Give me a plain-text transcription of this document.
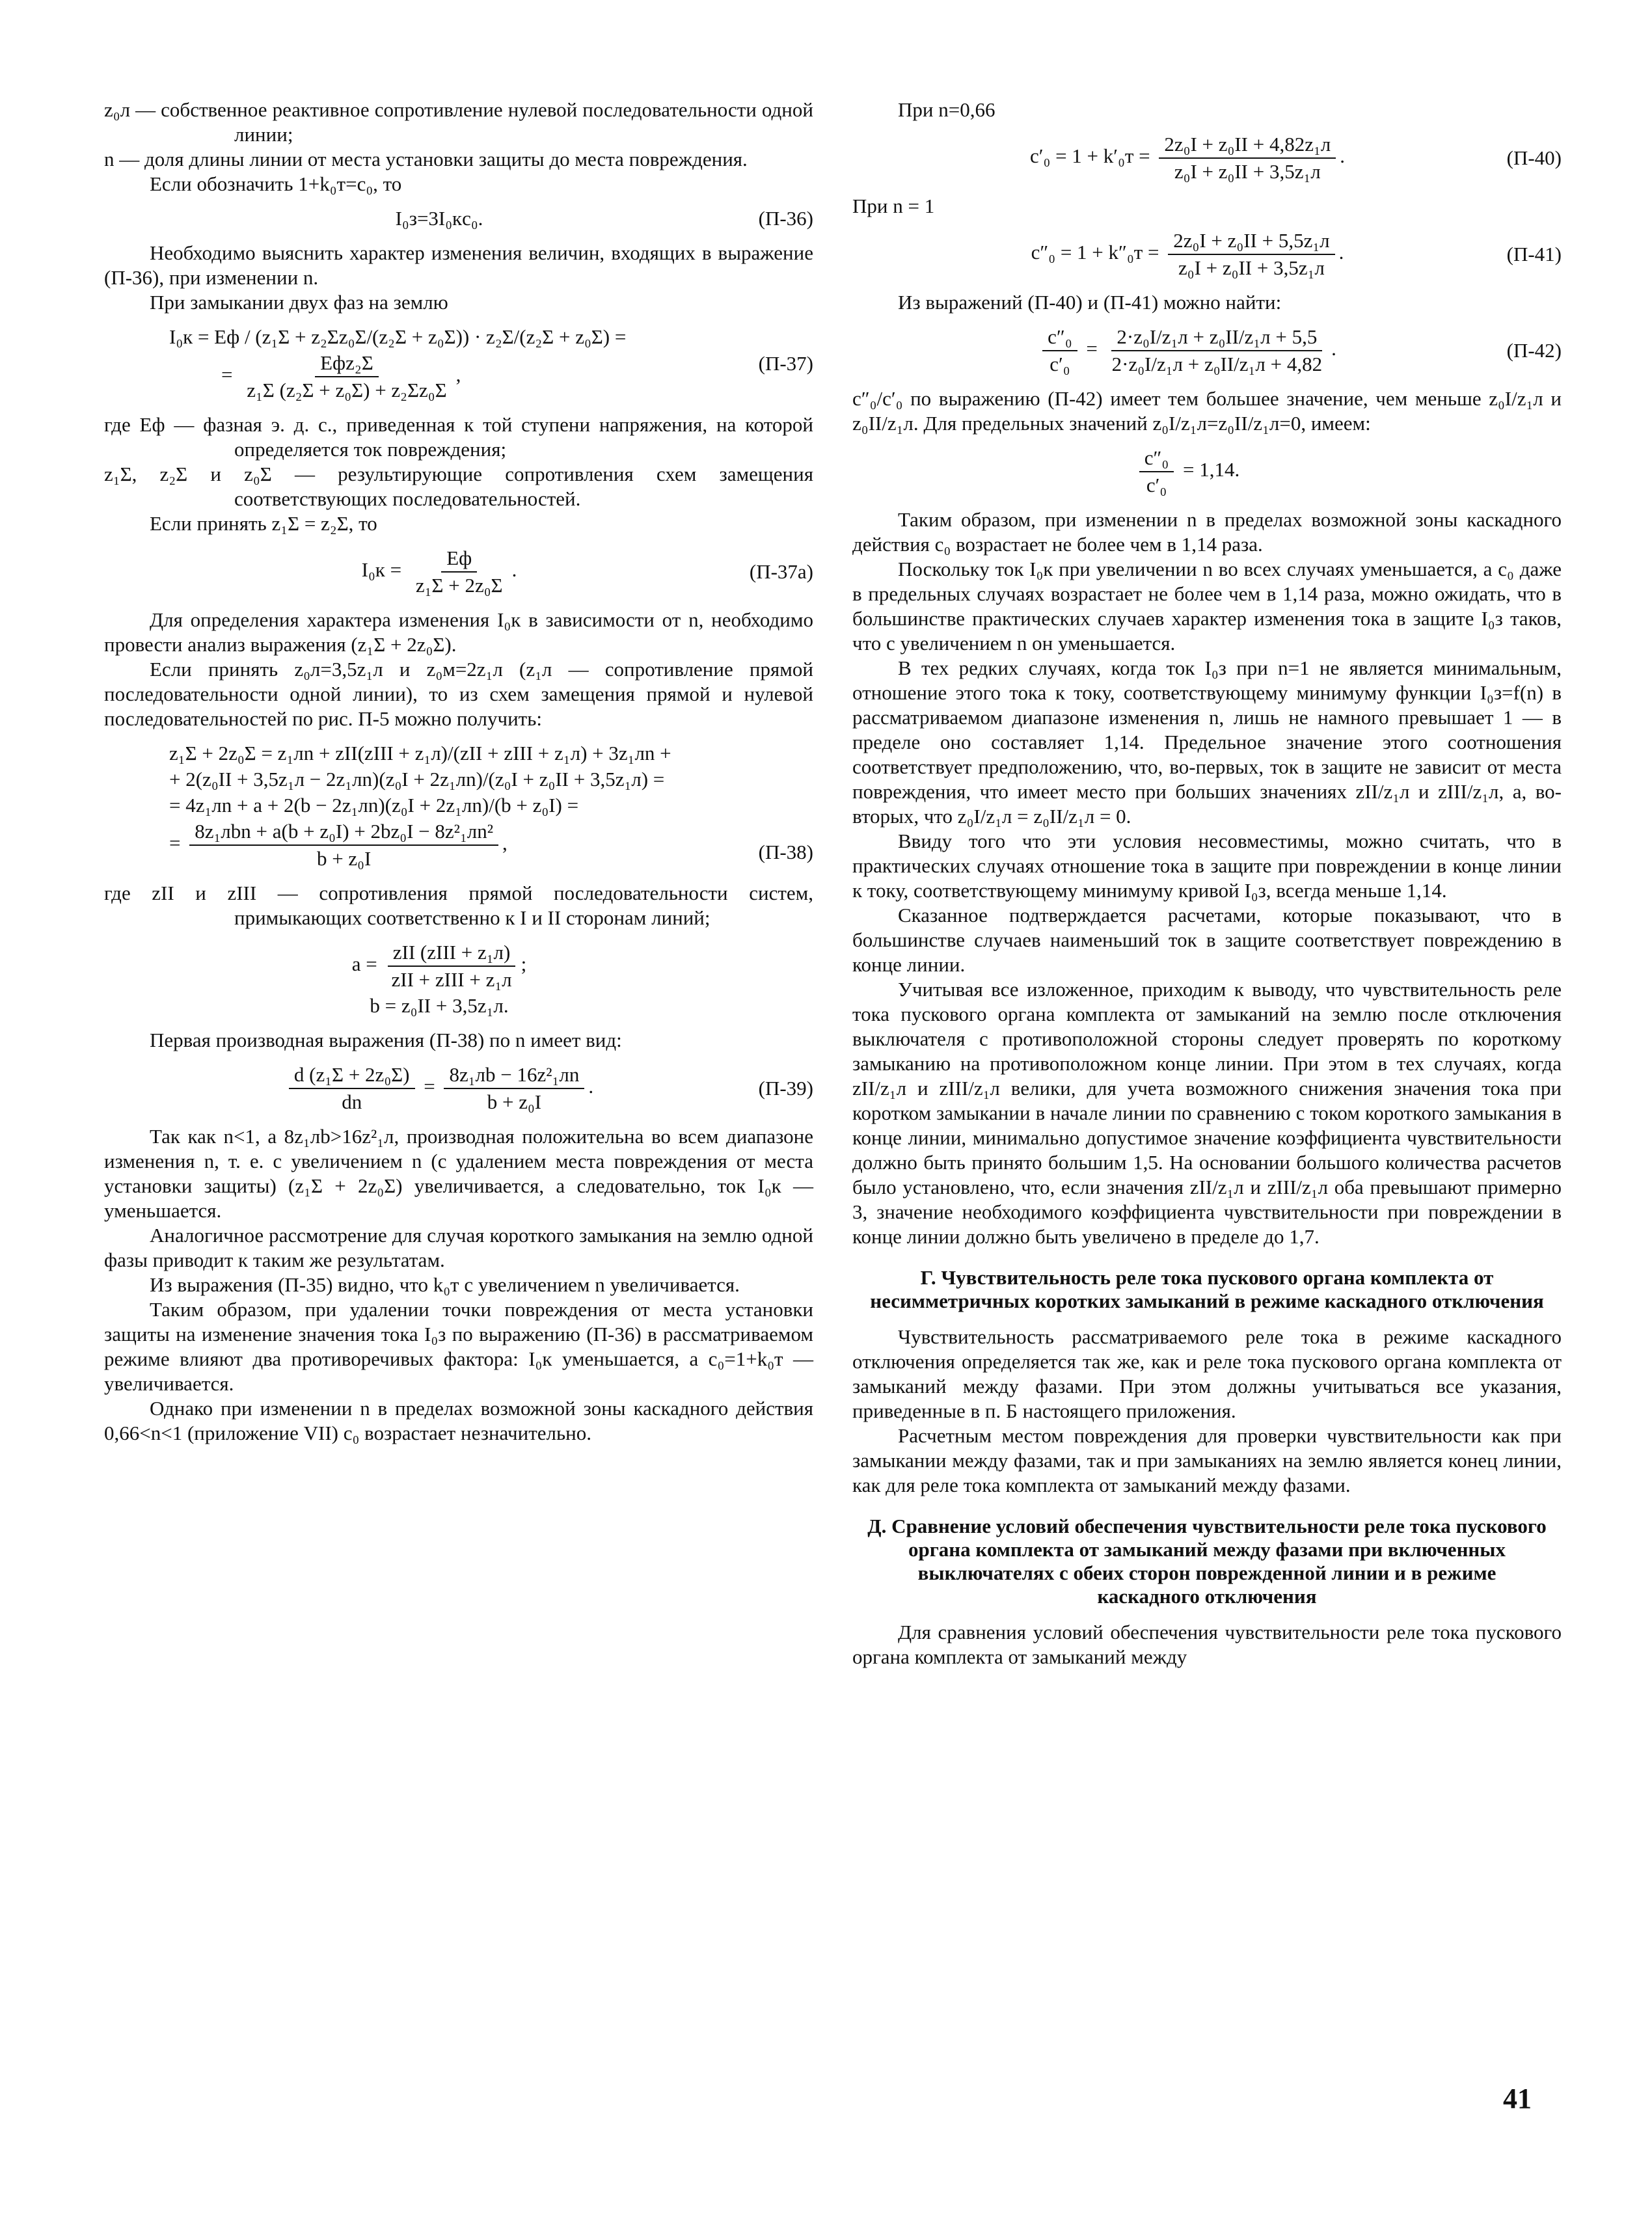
z₀л — собственное реактивное сопротивление нулевой последовательности одной линии;

n — доля длины линии от места установки защиты до места повреждения.

Если обозначить 1+k₀т=c₀, то

I₀з=3I₀кc₀.	(П-36)

Необходимо выяснить характер изменения величин, входящих в выражение (П-36), при изменении n.

При замыкании двух фаз на землю

I₀к = Eф / (z₁Σ + z₂Σz₀Σ/(z₂Σ + z₀Σ)) · z₂Σ/(z₂Σ + z₀Σ) =
= $\frac{\text{Eфz₂Σ}}{\text{z₁Σ (z₂Σ + z₀Σ) + z₂Σz₀Σ}}$ ,	(П-37)

где Eф — фазная э. д. с., приведенная к той ступени напряжения, на которой определяется ток повреждения;

z₁Σ, z₂Σ и z₀Σ — результирующие сопротивления схем замещения соответствующих последовательностей.

Если принять z₁Σ = z₂Σ, то

$I_0к = \frac{Eф}{\text{z₁Σ + 2z₀Σ}}$ .	(П-37а)

Для определения характера изменения I₀к в зависимости от n, необходимо провести анализ выражения (z₁Σ + 2z₀Σ).

Если принять z₀л=3,5z₁л и z₀м=2z₁л (z₁л — сопротивление прямой последовательности одной линии), то из схем замещения прямой и нулевой последовательностей по рис. П-5 можно получить:

z₁Σ + 2z₀Σ = z₁лn + zII(zIII + z₁л)/(zII + zIII + z₁л) + 3z₁лn +
+ 2(z₀II + 3,5z₁л − 2z₁лn)(z₀I + 2z₁лn)/(z₀I + z₀II + 3,5z₁л) =
= 4z₁лn + a + 2(b − 2z₁лn)(z₀I + 2z₁лn)/(b + z₀I) =
= $\frac{\text{8z₁лbn + a(b + z₀I) + 2bz₀I − 8z²₁лn²}}{\text{b + z₀I}}$ ,	(П-38)

где zII и zIII — сопротивления прямой последовательности систем, примыкающих соответственно к I и II сторонам линий;

$a = \frac{\text{zII (zIII + z₁л)}}{\text{zII + zIII + z₁л}}$ ;
b = z₀II + 3,5z₁л.

Первая производная выражения (П-38) по n имеет вид:

$\frac{\text{d (z₁Σ + 2z₀Σ)}}{dn} = \frac{\text{8z₁лb − 16z²₁лn}}{\text{b + z₀I}}$ .	(П-39)

Так как n<1, а 8z₁лb>16z²₁л, производная положительна во всем диапазоне изменения n, т. е. с увеличением n (с удалением места повреждения от места установки защиты) (z₁Σ + 2z₀Σ) увеличивается, а следовательно, ток I₀к — уменьшается.

Аналогичное рассмотрение для случая короткого замыкания на землю одной фазы приводит к таким же результатам.

Из выражения (П-35) видно, что k₀т с увеличением n увеличивается.

Таким образом, при удалении точки повреждения от места установки защиты на изменение значения тока I₀з по выражению (П-36) в рассматриваемом режиме влияют два противоречивых фактора: I₀к уменьшается, а c₀=1+k₀т — увеличивается.

Однако при изменении n в пределах возможной зоны каскадного действия 0,66<n<1 (приложение VII) c₀ возрастает незначительно.

При n=0,66

$c'_0 = 1 + k'_0т = \frac{\text{2z₀I + z₀II + 4,82z₁л}}{\text{z₀I + z₀II + 3,5z₁л}}$ .	(П-40)

При n = 1

$c''_0 = 1 + k''_0т = \frac{\text{2z₀I + z₀II + 5,5z₁л}}{\text{z₀I + z₀II + 3,5z₁л}}$ .	(П-41)

Из выражений (П-40) и (П-41) можно найти:

$\frac{\text{c″₀}}{\text{c′₀}} = \frac{\text{2·z₀I/z₁л + z₀II/z₁л + 5,5}}{\text{2·z₀I/z₁л + z₀II/z₁л + 4,82}}$ .	(П-42)

c″₀/c′₀ по выражению (П-42) имеет тем большее значение, чем меньше z₀I/z₁л и z₀II/z₁л. Для предельных значений z₀I/z₁л=z₀II/z₁л=0, имеем:

$\frac{\text{c″₀}}{\text{c′₀}} = 1,14$.

Таким образом, при изменении n в пределах возможной зоны каскадного действия c₀ возрастает не более чем в 1,14 раза.

Поскольку ток I₀к при увеличении n во всех случаях уменьшается, а c₀ даже в предельных случаях возрастает не более чем в 1,14 раза, можно ожидать, что в большинстве практических случаев характер изменения тока в защите I₀з таков, что с увеличением n он уменьшается.

В тех редких случаях, когда ток I₀з при n=1 не является минимальным, отношение этого тока к току, соответствующему минимуму функции I₀з=f(n) в рассматриваемом диапазоне изменения n, лишь не намного превышает 1 — в пределе оно составляет 1,14. Предельное значение этого соотношения соответствует предположению, что, во-первых, ток в защите не зависит от места повреждения, что имеет место при больших значениях zII/z₁л и zIII/z₁л, а, во-вторых, что z₀I/z₁л = z₀II/z₁л = 0.

Ввиду того что эти условия несовместимы, можно считать, что в практических случаях отношение тока в защите при повреждении в конце линии к току, соответствующему минимуму кривой I₀з, всегда меньше 1,14.

Сказанное подтверждается расчетами, которые показывают, что в большинстве случаев наименьший ток в защите соответствует повреждению в конце линии.

Учитывая все изложенное, приходим к выводу, что чувствительность реле тока пускового органа комплекта от замыканий на землю после отключения выключателя с противоположной стороны следует проверять по короткому замыканию на противоположном конце линии. При этом в тех случаях, когда zII/z₁л и zIII/z₁л велики, для учета возможного снижения значения тока при коротком замыкании в начале линии по сравнению с током короткого замыкания в конце линии, минимально допустимое значение коэффициента чувствительности должно быть принято большим 1,5. На основании большого количества расчетов было установлено, что, если значения zII/z₁л и zIII/z₁л оба превышают примерно 3, значение необходимого коэффициента чувствительности при повреждении в конце линии должно быть увеличено в пределе до 1,7.

Г. Чувствительность реле тока пускового органа комплекта от несимметричных коротких замыканий в режиме каскадного отключения

Чувствительность рассматриваемого реле тока в режиме каскадного отключения определяется так же, как и реле тока пускового органа комплекта от замыканий между фазами. При этом должны учитываться все указания, приведенные в п. Б настоящего приложения.

Расчетным местом повреждения для проверки чувствительности как при замыкании между фазами, так и при замыканиях на землю является конец линии, как для реле тока комплекта от замыканий между фазами.

Д. Сравнение условий обеспечения чувствительности реле тока пускового органа комплекта от замыканий между фазами при включенных выключателях с обеих сторон поврежденной линии и в режиме каскадного отключения

Для сравнения условий обеспечения чувствительности реле тока пускового органа комплекта от замыканий между

41
